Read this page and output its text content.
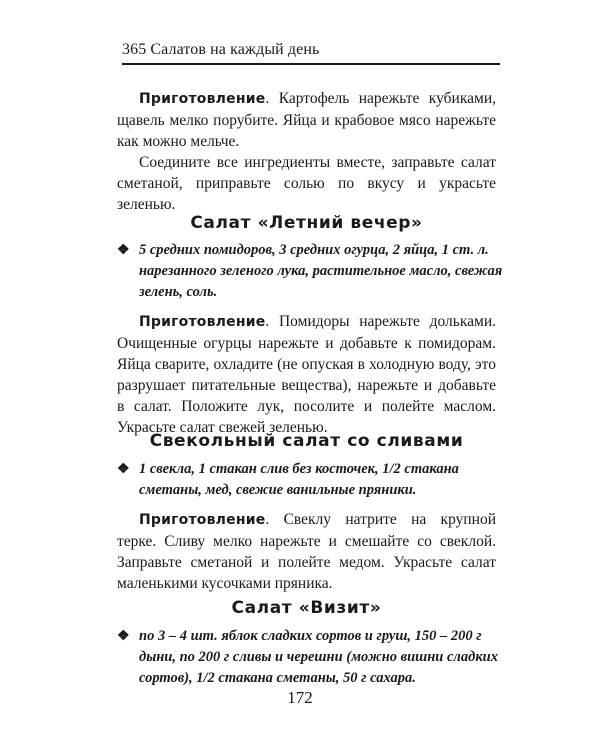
365 Салатов на каждый день

Приготовление. Картофель нарежьте кубиками, щавель мелко порубите. Яйца и крабовое мясо нарежьте как можно мельче.

Соедините все ингредиенты вместе, заправьте салат сметаной, приправьте солью по вкусу и украсьте зеленью.

Салат «Летний вечер»
❖ 5 средних помидоров, 3 средних огурца, 2 яйца, 1 ст. л. нарезанного зеленого лука, растительное масло, свежая зелень, соль.

Приготовление. Помидоры нарежьте дольками. Очищенные огурцы нарежьте и добавьте к помидорам. Яйца сварите, охладите (не опуская в холодную воду, это разрушает питательные вещества), нарежьте и добавьте в салат. Положите лук, посолите и полейте маслом. Украсьте салат свежей зеленью.

Свекольный салат со сливами
❖ 1 свекла, 1 стакан слив без косточек, 1/2 стакана сметаны, мед, свежие ванильные пряники.

Приготовление. Свеклу натрите на крупной терке. Сливу мелко нарежьте и смешайте со свеклой. Заправьте сметаной и полейте медом. Украсьте салат маленькими кусочками пряника.

Салат «Визит»
❖ по 3 – 4 шт. яблок сладких сортов и груш, 150 – 200 г дыни, по 200 г сливы и черешни (можно вишни сладких сортов), 1/2 стакана сметаны, 50 г сахара.
172
